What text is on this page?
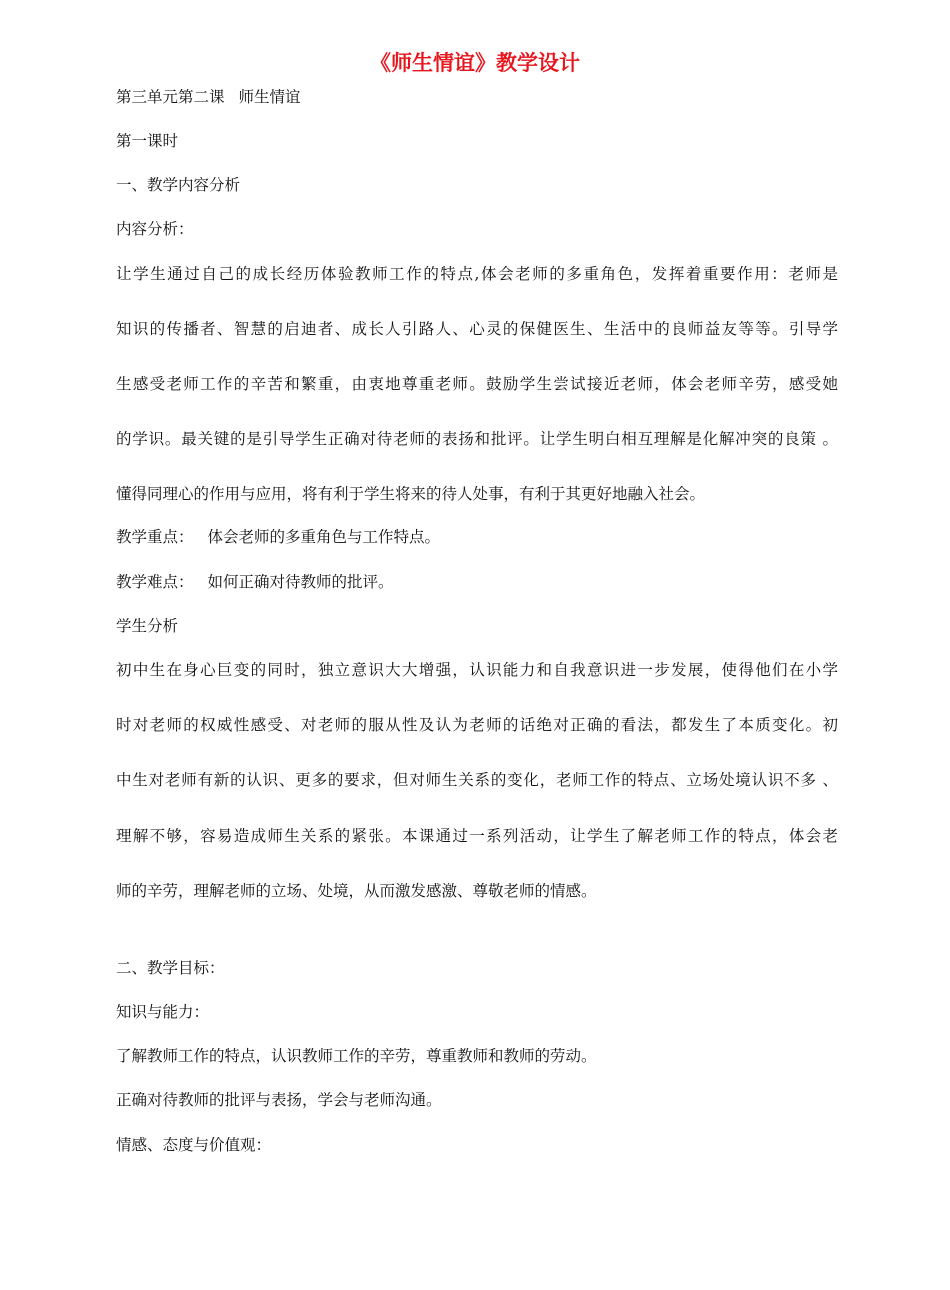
《师生情谊》教学设计
第三单元第二课 师生情谊
第一课时
一、教学内容分析
内容分析：
让学生通过自己的成长经历体验教师工作的特点,体会老师的多重角色，发挥着重要作用：老师是
知识的传播者、智慧的启迪者、成长人引路人、心灵的保健医生、生活中的良师益友等等。引导学
生感受老师工作的辛苦和繁重，由衷地尊重老师。鼓励学生尝试接近老师，体会老师辛劳，感受她
的学识。最关键的是引导学生正确对待老师的表扬和批评。让学生明白相互理解是化解冲突的良策 。
懂得同理心的作用与应用，将有利于学生将来的待人处事，有利于其更好地融入社会。
教学重点： 体会老师的多重角色与工作特点。
教学难点： 如何正确对待教师的批评。
学生分析
初中生在身心巨变的同时，独立意识大大增强，认识能力和自我意识进一步发展，使得他们在小学
时对老师的权威性感受、对老师的服从性及认为老师的话绝对正确的看法，都发生了本质变化。初
中生对老师有新的认识、更多的要求，但对师生关系的变化，老师工作的特点、立场处境认识不多 、
理解不够，容易造成师生关系的紧张。本课通过一系列活动，让学生了解老师工作的特点，体会老
师的辛劳，理解老师的立场、处境，从而激发感激、尊敬老师的情感。
二、教学目标：
知识与能力：
了解教师工作的特点，认识教师工作的辛劳，尊重教师和教师的劳动。
正确对待教师的批评与表扬，学会与老师沟通。
情感、态度与价值观：
